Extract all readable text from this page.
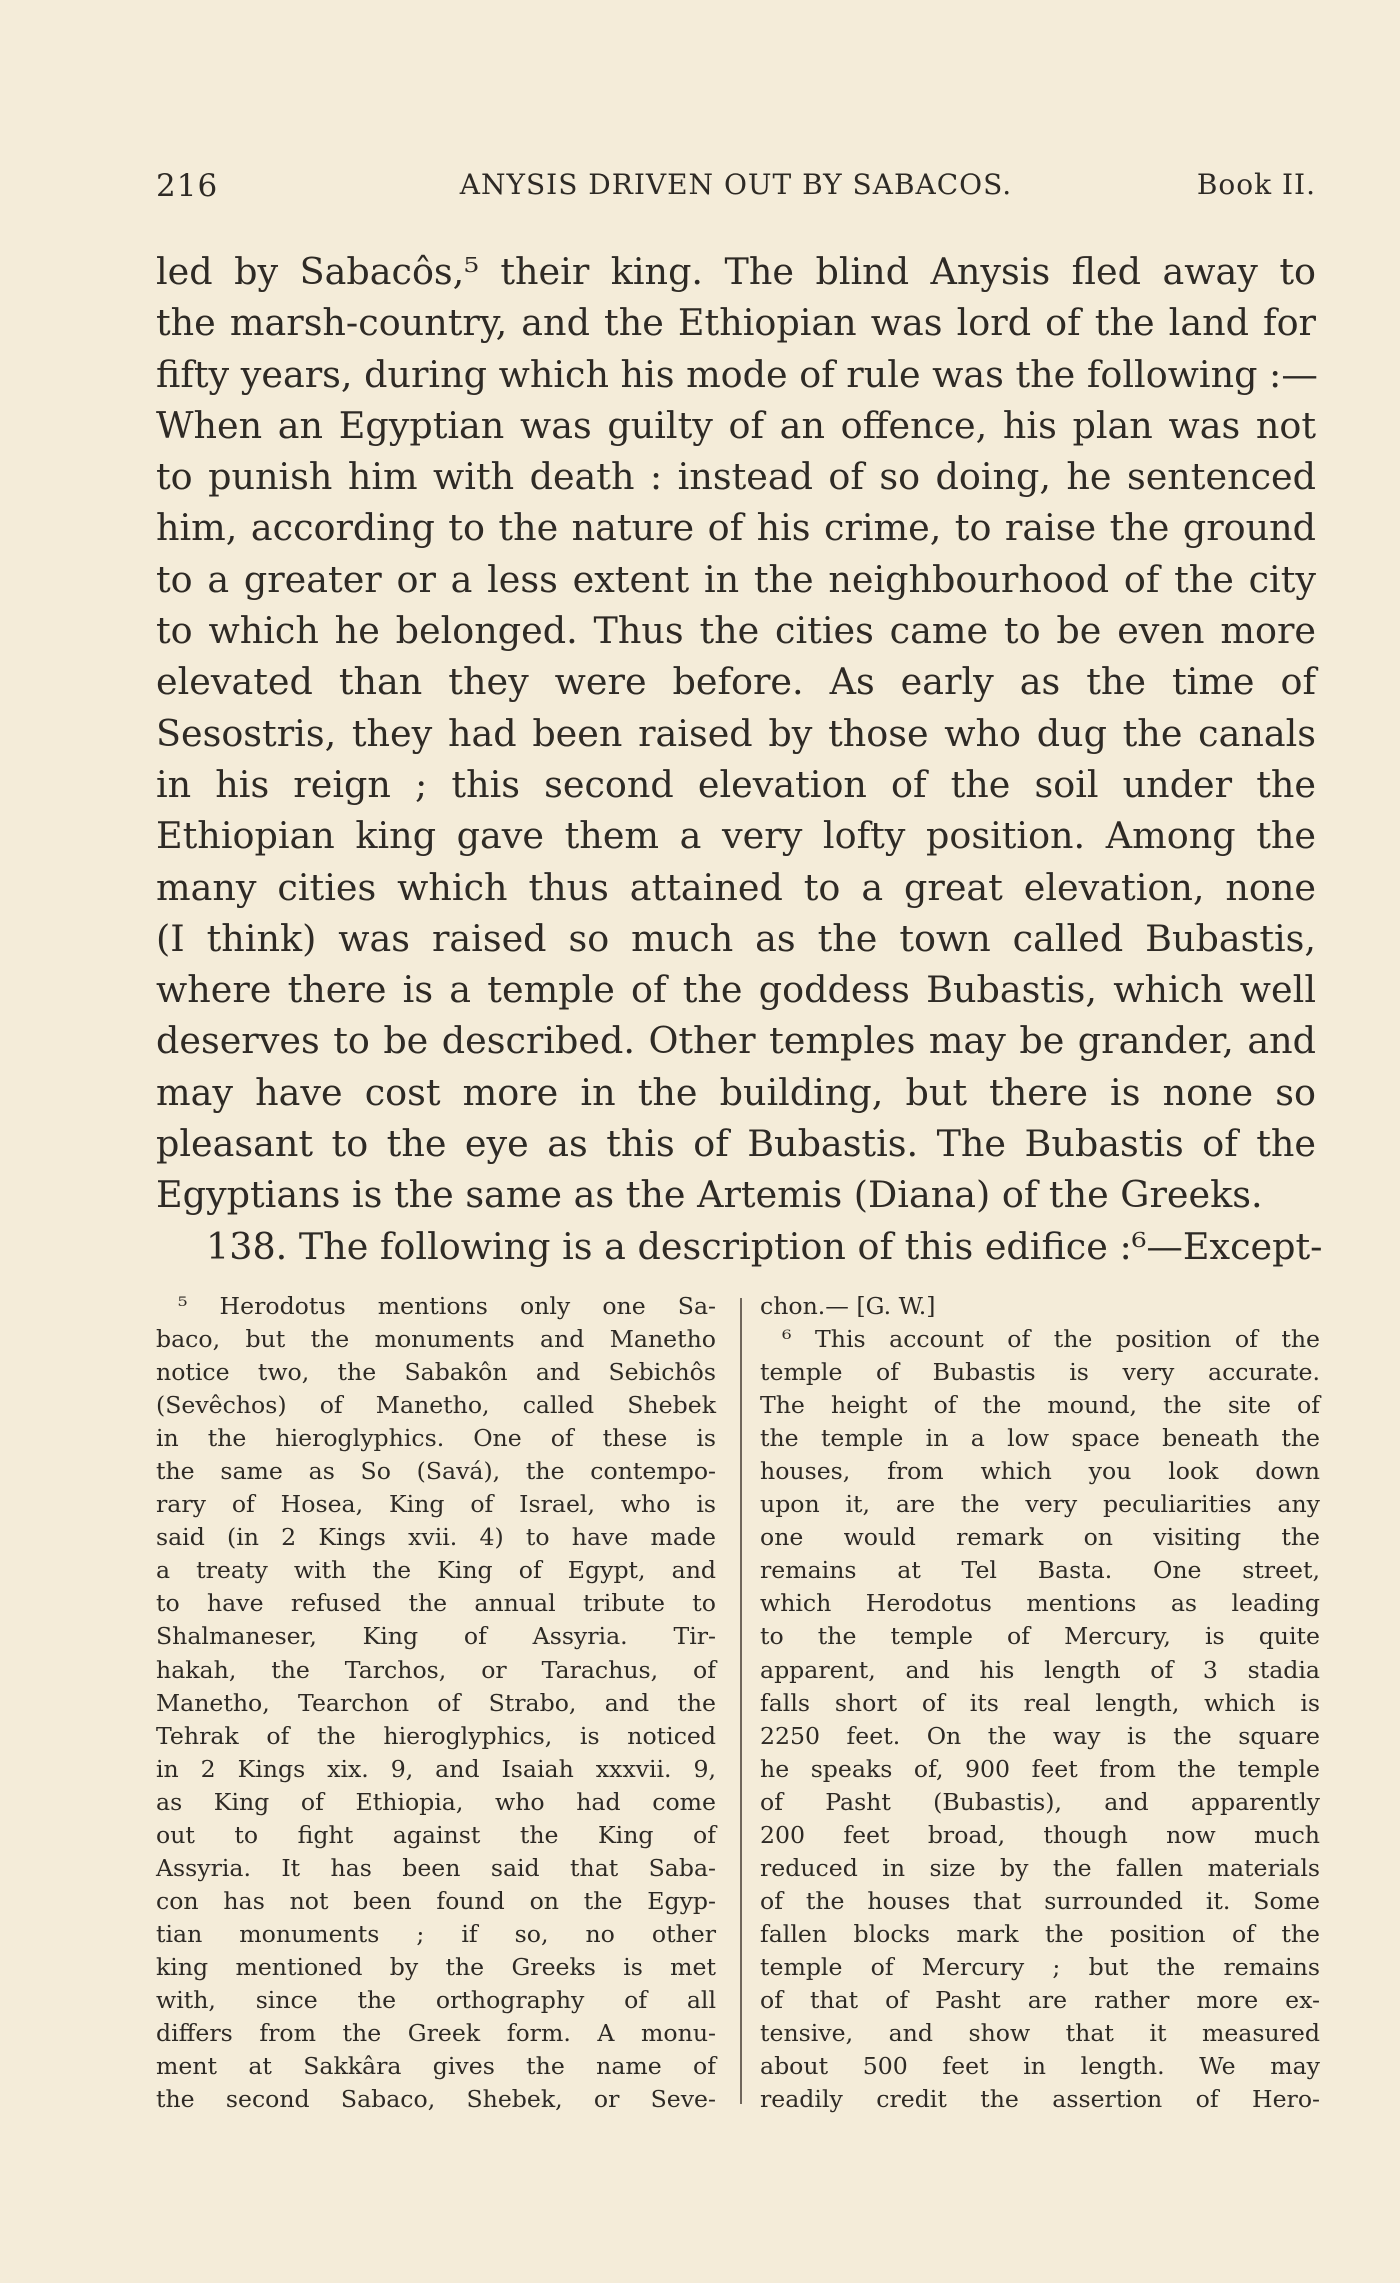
216	ANYSIS DRIVEN OUT BY SABACOS.	Book II.
led by Sabacôs,⁵ their king. The blind Anysis fled away to
the marsh-country, and the Ethiopian was lord of the land for
fifty years, during which his mode of rule was the following :—
When an Egyptian was guilty of an offence, his plan was not
to punish him with death : instead of so doing, he sentenced
him, according to the nature of his crime, to raise the ground
to a greater or a less extent in the neighbourhood of the city
to which he belonged. Thus the cities came to be even more
elevated than they were before. As early as the time of
Sesostris, they had been raised by those who dug the canals
in his reign ; this second elevation of the soil under the
Ethiopian king gave them a very lofty position. Among the
many cities which thus attained to a great elevation, none
(I think) was raised so much as the town called Bubastis,
where there is a temple of the goddess Bubastis, which well
deserves to be described. Other temples may be grander, and
may have cost more in the building, but there is none so
pleasant to the eye as this of Bubastis. The Bubastis of the
Egyptians is the same as the Artemis (Diana) of the Greeks.
138. The following is a description of this edifice :⁶—Except-
⁵ Herodotus mentions only one Sa-
baco, but the monuments and Manetho
notice two, the Sabakôn and Sebichôs
(Sevêchos) of Manetho, called Shebek
in the hieroglyphics. One of these is
the same as So (Savá), the contempo-
rary of Hosea, King of Israel, who is
said (in 2 Kings xvii. 4) to have made
a treaty with the King of Egypt, and
to have refused the annual tribute to
Shalmaneser, King of Assyria. Tir-
hakah, the Tarchos, or Tarachus, of
Manetho, Tearchon of Strabo, and the
Tehrak of the hieroglyphics, is noticed
in 2 Kings xix. 9, and Isaiah xxxvii. 9,
as King of Ethiopia, who had come
out to fight against the King of
Assyria. It has been said that Saba-
con has not been found on the Egyp-
tian monuments ; if so, no other
king mentioned by the Greeks is met
with, since the orthography of all
differs from the Greek form. A monu-
ment at Sakkâra gives the name of
the second Sabaco, Shebek, or Seve-
chon.— [G. W.]
⁶ This account of the position of the
temple of Bubastis is very accurate.
The height of the mound, the site of
the temple in a low space beneath the
houses, from which you look down
upon it, are the very peculiarities any
one would remark on visiting the
remains at Tel Basta. One street,
which Herodotus mentions as leading
to the temple of Mercury, is quite
apparent, and his length of 3 stadia
falls short of its real length, which is
2250 feet. On the way is the square
he speaks of, 900 feet from the temple
of Pasht (Bubastis), and apparently
200 feet broad, though now much
reduced in size by the fallen materials
of the houses that surrounded it. Some
fallen blocks mark the position of the
temple of Mercury ; but the remains
of that of Pasht are rather more ex-
tensive, and show that it measured
about 500 feet in length. We may
readily credit the assertion of Hero-
